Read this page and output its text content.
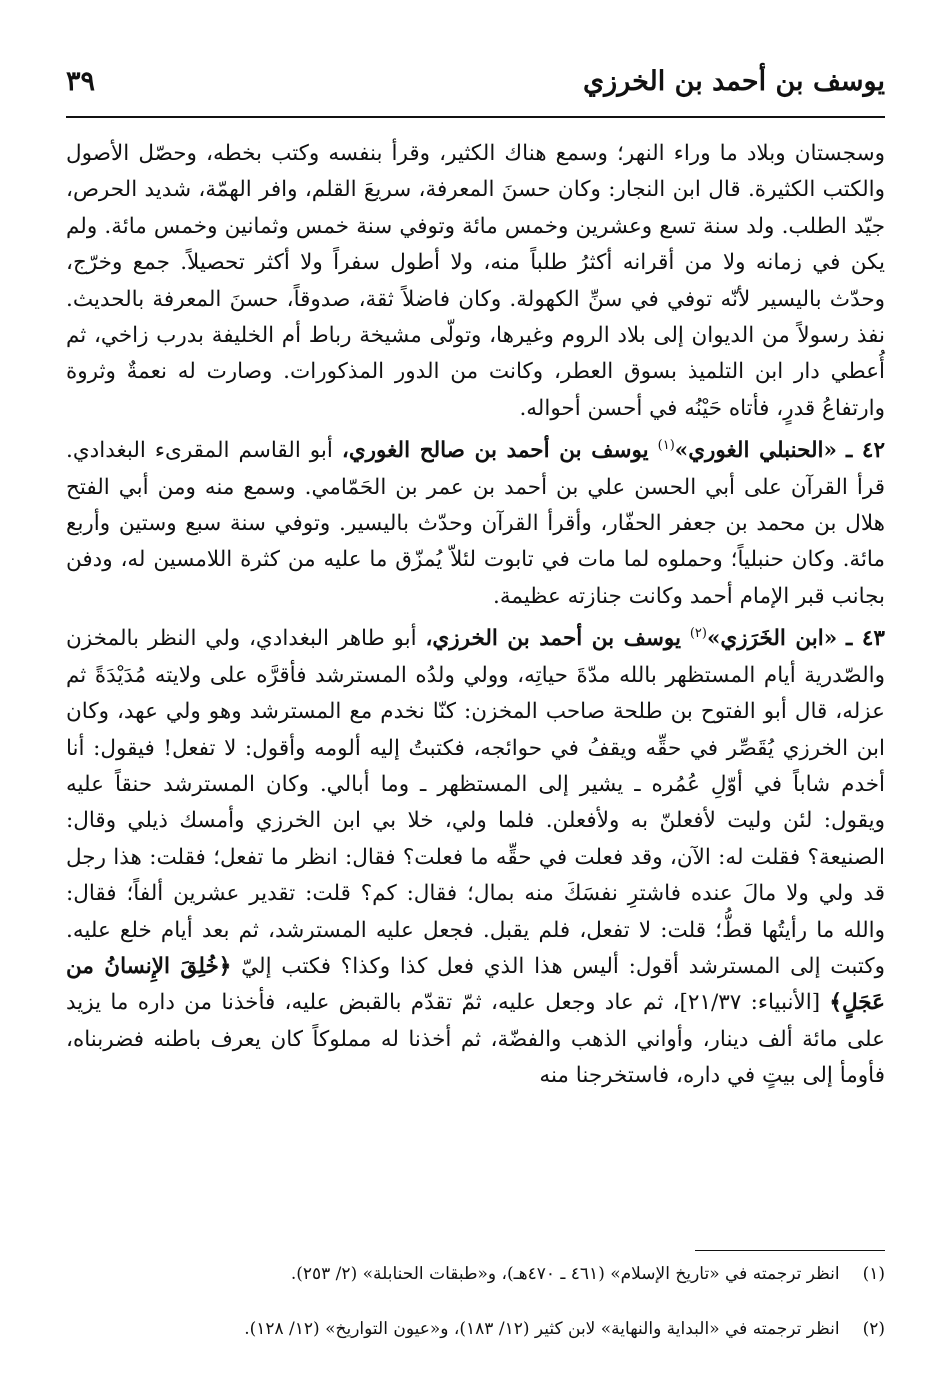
يوسف بن أحمد بن الخرزي
٣٩

وسجستان وبلاد ما وراء النهر؛ وسمع هناك الكثير، وقرأ بنفسه وكتب بخطه، وحصّل الأصول والكتب الكثيرة. قال ابن النجار: وكان حسنَ المعرفة، سريعَ القلم، وافر الهمّة، شديد الحرص، جيّد الطلب. ولد سنة تسع وعشرين وخمس مائة وتوفي سنة خمس وثمانين وخمس مائة. ولم يكن في زمانه ولا من أقرانه أكثرُ طلباً منه، ولا أطول سفراً ولا أكثر تحصيلاً. جمع وخرّج، وحدّث باليسير لأنّه توفي في سنِّ الكهولة. وكان فاضلاً ثقة، صدوقاً، حسنَ المعرفة بالحديث. نفذ رسولاً من الديوان إلى بلاد الروم وغيرها، وتولّى مشيخة رباط أم الخليفة بدرب زاخي، ثم أُعطي دار ابن التلميذ بسوق العطر، وكانت من الدور المذكورات. وصارت له نعمةٌ وثروة وارتفاعُ قدرٍ، فأتاه حَيْنُه في أحسن أحواله.

٤٢ ـ «الحنبلي الغوري»$^{(١)}$ يوسف بن أحمد بن صالح الغوري، أبو القاسم المقرىء البغدادي. قرأ القرآن على أبي الحسن علي بن أحمد بن عمر بن الحَمّامي. وسمع منه ومن أبي الفتح هلال بن محمد بن جعفر الحفّار، وأقرأ القرآن وحدّث باليسير. وتوفي سنة سبع وستين وأربع مائة. وكان حنبلياً؛ وحملوه لما مات في تابوت لئلاّ يُمزّق ما عليه من كثرة اللامسين له، ودفن بجانب قبر الإمام أحمد وكانت جنازته عظيمة.

٤٣ ـ «ابن الخَرَزي»$^{(٢)}$ يوسف بن أحمد بن الخرزي، أبو طاهر البغدادي، ولي النظر بالمخزن والصّدرية أيام المستظهر بالله مدّةَ حياتِه، وولي ولدُه المسترشد فأقرَّه على ولايته مُدَيْدَةً ثم عزله، قال أبو الفتوح بن طلحة صاحب المخزن: كنّا نخدم مع المسترشد وهو ولي عهد، وكان ابن الخرزي يُقَصِّر في حقِّه ويقفُ في حوائجه، فكتبتُ إليه ألومه وأقول: لا تفعل! فيقول: أنا أخدم شاباً في أوّلِ عُمُره ـ يشير إلى المستظهر ـ وما أبالي. وكان المسترشد حنقاً عليه ويقول: لئن وليت لأفعلنّ به ولأفعلن. فلما ولي، خلا بي ابن الخرزي وأمسك ذيلي وقال: الصنيعة؟ فقلت له: الآن، وقد فعلت في حقِّه ما فعلت؟ فقال: انظر ما تفعل؛ فقلت: هذا رجل قد ولي ولا مالَ عنده فاشترِ نفسَكَ منه بمال؛ فقال: كم؟ قلت: تقدير عشرين ألفاً؛ فقال: والله ما رأيتُها قطُّ؛ قلت: لا تفعل، فلم يقبل. فجعل عليه المسترشد، ثم بعد أيام خلع عليه. وكتبت إلى المسترشد أقول: أليس هذا الذي فعل كذا وكذا؟ فكتب إليّ ﴿خُلِقَ الإِنسانُ من عَجَلٍ﴾ [الأنبياء: ٢١/٣٧]، ثم عاد وجعل عليه، ثمّ تقدّم بالقبض عليه، فأخذنا من داره ما يزيد على مائة ألف دينار، وأواني الذهب والفضّة، ثم أخذنا له مملوكاً كان يعرف باطنه فضربناه، فأومأ إلى بيتٍ في داره، فاستخرجنا منه

(١) انظر ترجمته في «تاريخ الإسلام» (٤٦١ ـ ٤٧٠هـ)، و«طبقات الحنابلة» (٢/ ٢٥٣).
(٢) انظر ترجمته في «البداية والنهاية» لابن كثير (١٢/ ١٨٣)، و«عيون التواريخ» (١٢/ ١٢٨).
